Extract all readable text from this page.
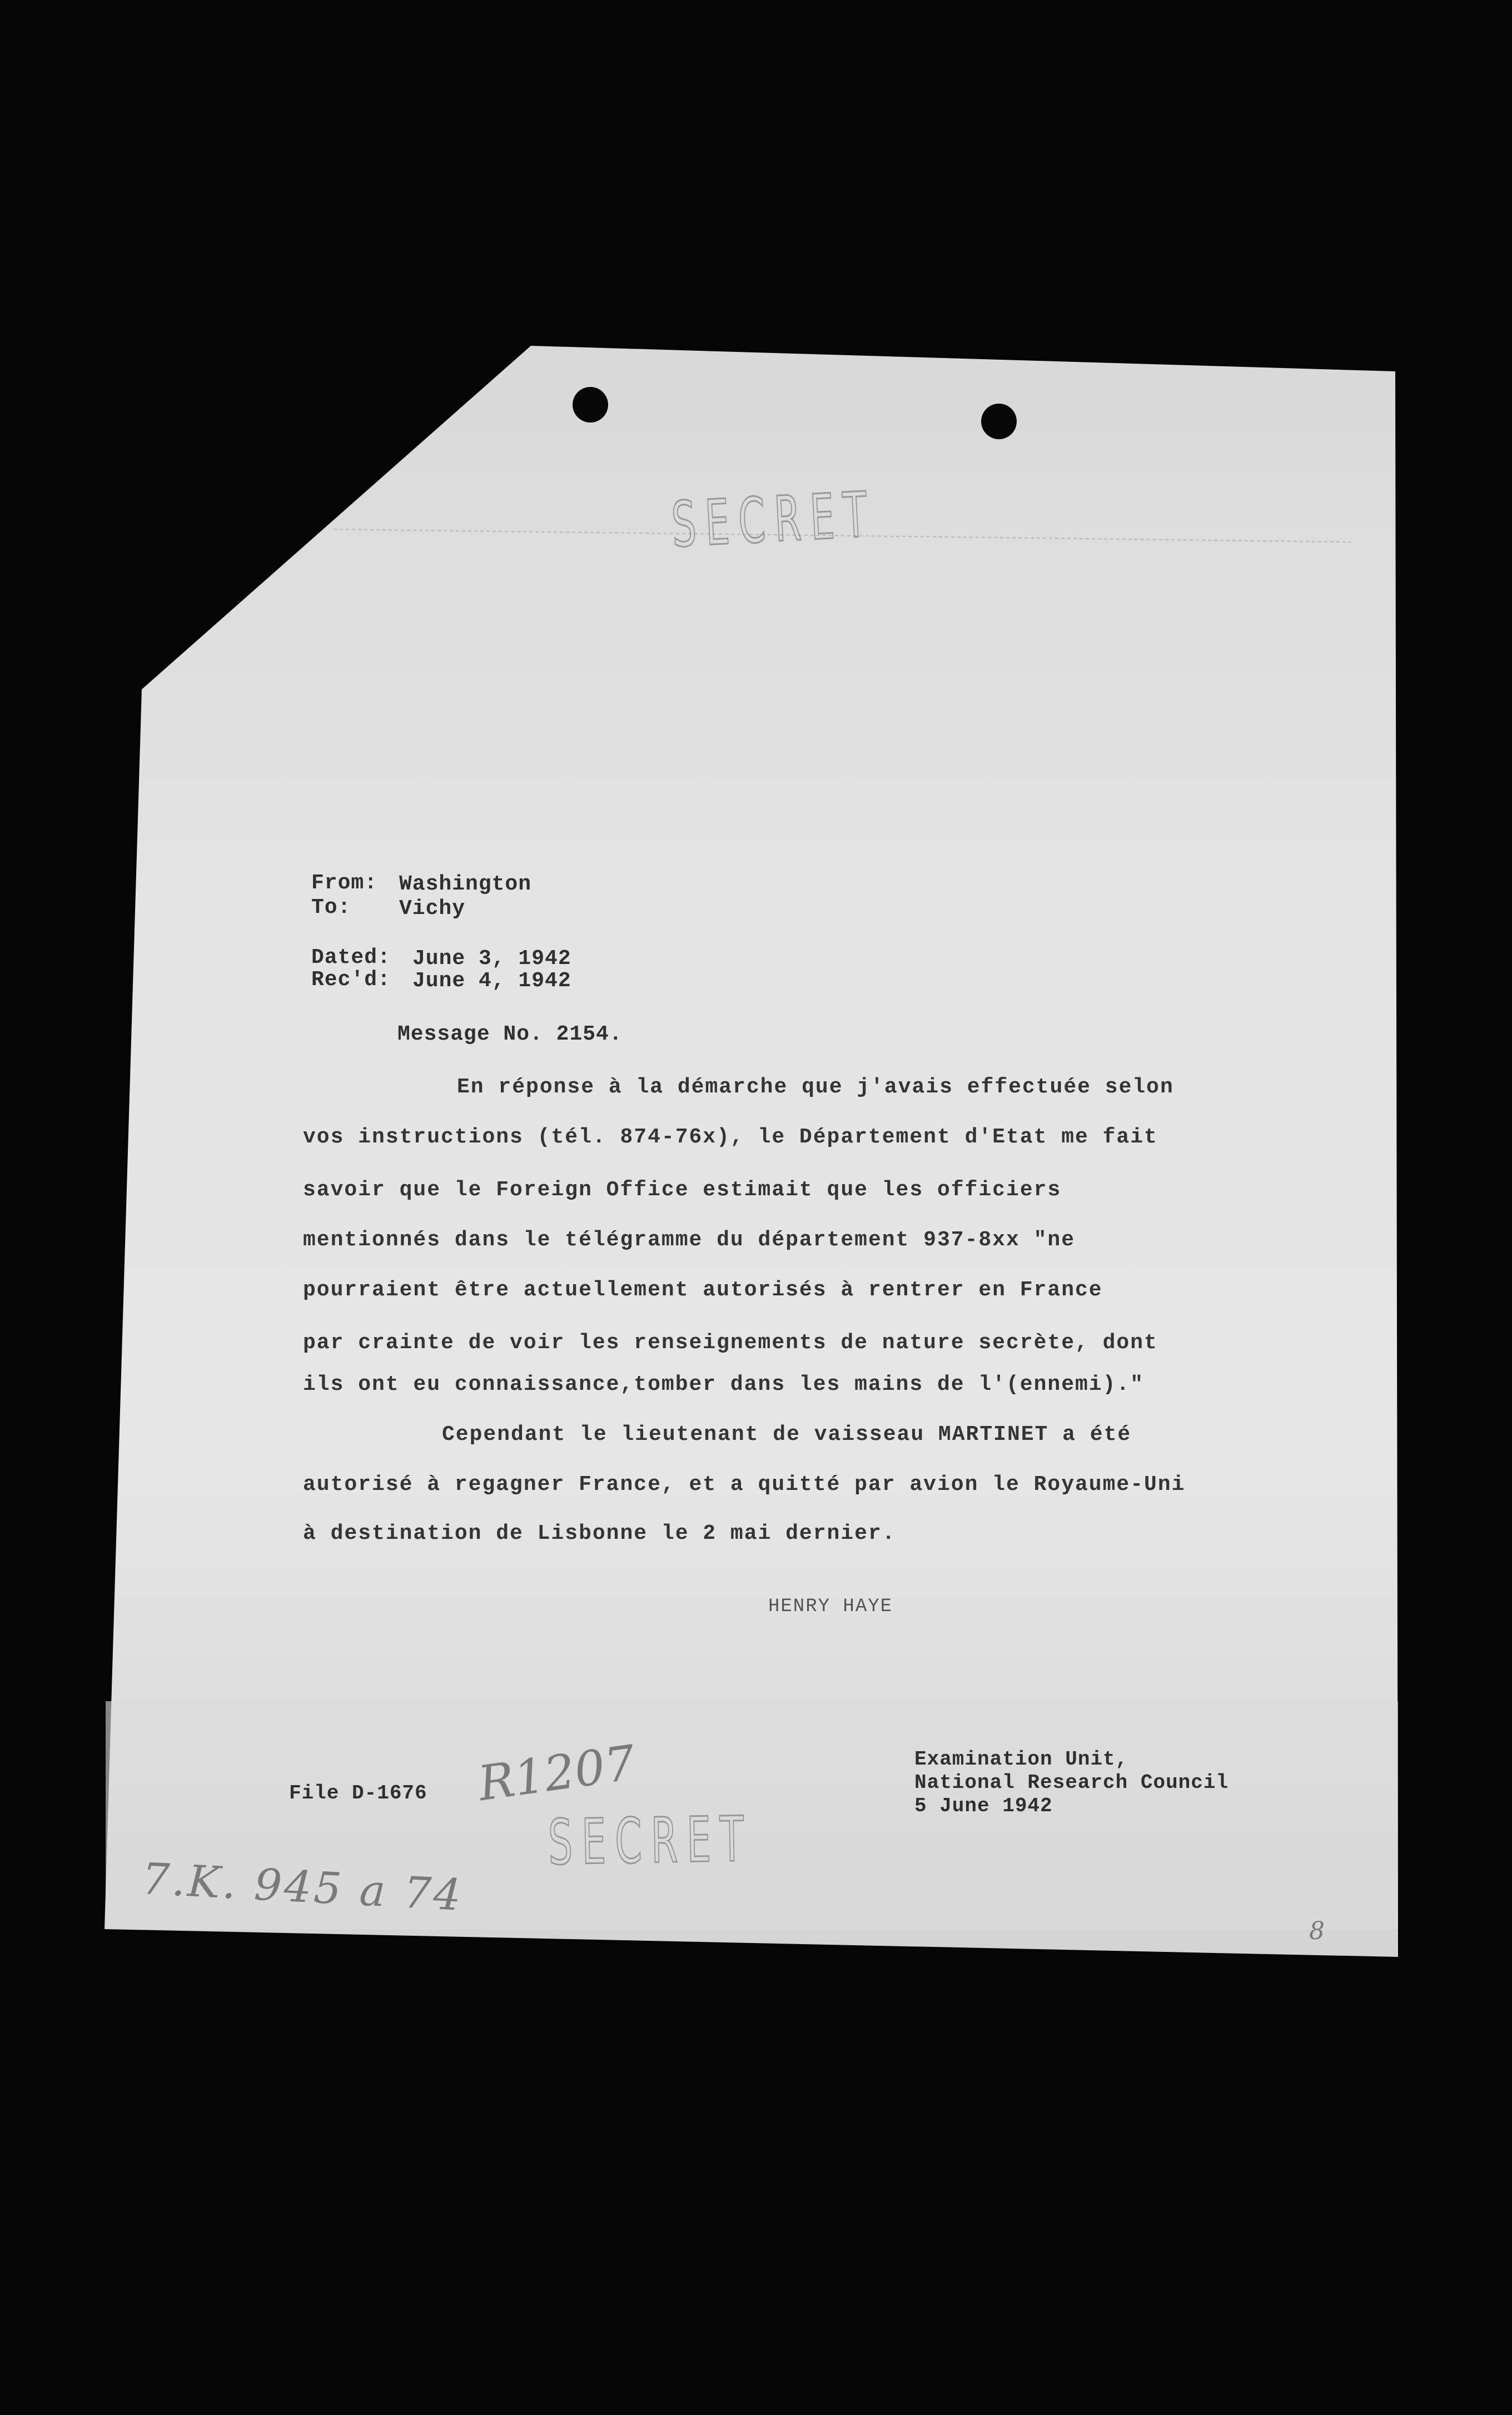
SECRET
From: Washington
To: Vichy
Dated: June 3, 1942
Rec'd: June 4, 1942
Message No. 2154.
En réponse à la démarche que j'avais effectuée selon
vos instructions (tél. 874-76x), le Département d'Etat me fait
savoir que le Foreign Office estimait que les officiers
mentionnés dans le télégramme du département 937-8xx "ne
pourraient être actuellement autorisés à rentrer en France
par crainte de voir les renseignements de nature secrète, dont
ils ont eu connaissance,tomber dans les mains de l'(ennemi)."
Cependant le lieutenant de vaisseau MARTINET a été
autorisé à regagner France, et a quitté par avion le Royaume-Uni
à destination de Lisbonne le 2 mai dernier.
HENRY HAYE
File D-1676
Examination Unit,
National Research Council
5 June 1942
SECRET
R1207
7.K. 945 a 74
8
